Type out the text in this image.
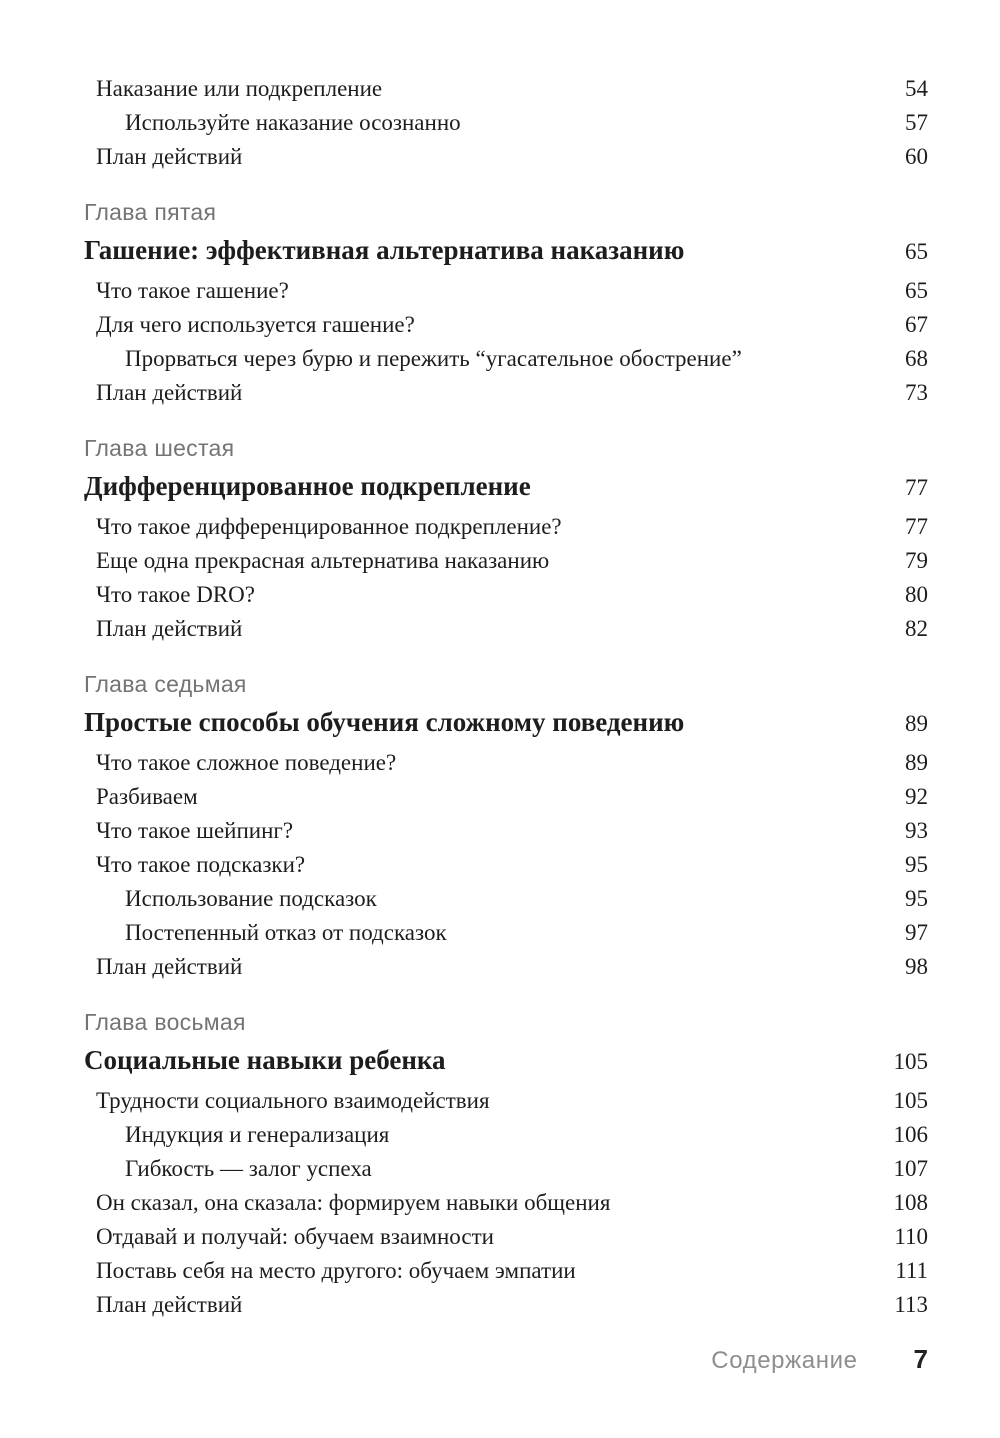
Наказание или подкрепление	54
Используйте наказание осознанно	57
План действий	60
Глава пятая
Гашение: эффективная альтернатива наказанию	65
Что такое гашение?	65
Для чего используется гашение?	67
Прорваться через бурю и пережить “угасательное обострение”	68
План действий	73
Глава шестая
Дифференцированное подкрепление	77
Что такое дифференцированное подкрепление?	77
Еще одна прекрасная альтернатива наказанию	79
Что такое DRO?	80
План действий	82
Глава седьмая
Простые способы обучения сложному поведению	89
Что такое сложное поведение?	89
Разбиваем	92
Что такое шейпинг?	93
Что такое подсказки?	95
Использование подсказок	95
Постепенный отказ от подсказок	97
План действий	98
Глава восьмая
Социальные навыки ребенка	105
Трудности социального взаимодействия	105
Индукция и генерализация	106
Гибкость — залог успеха	107
Он сказал, она сказала: формируем навыки общения	108
Отдавай и получай: обучаем взаимности	110
Поставь себя на место другого: обучаем эмпатии	111
План действий	113
Содержание 7
